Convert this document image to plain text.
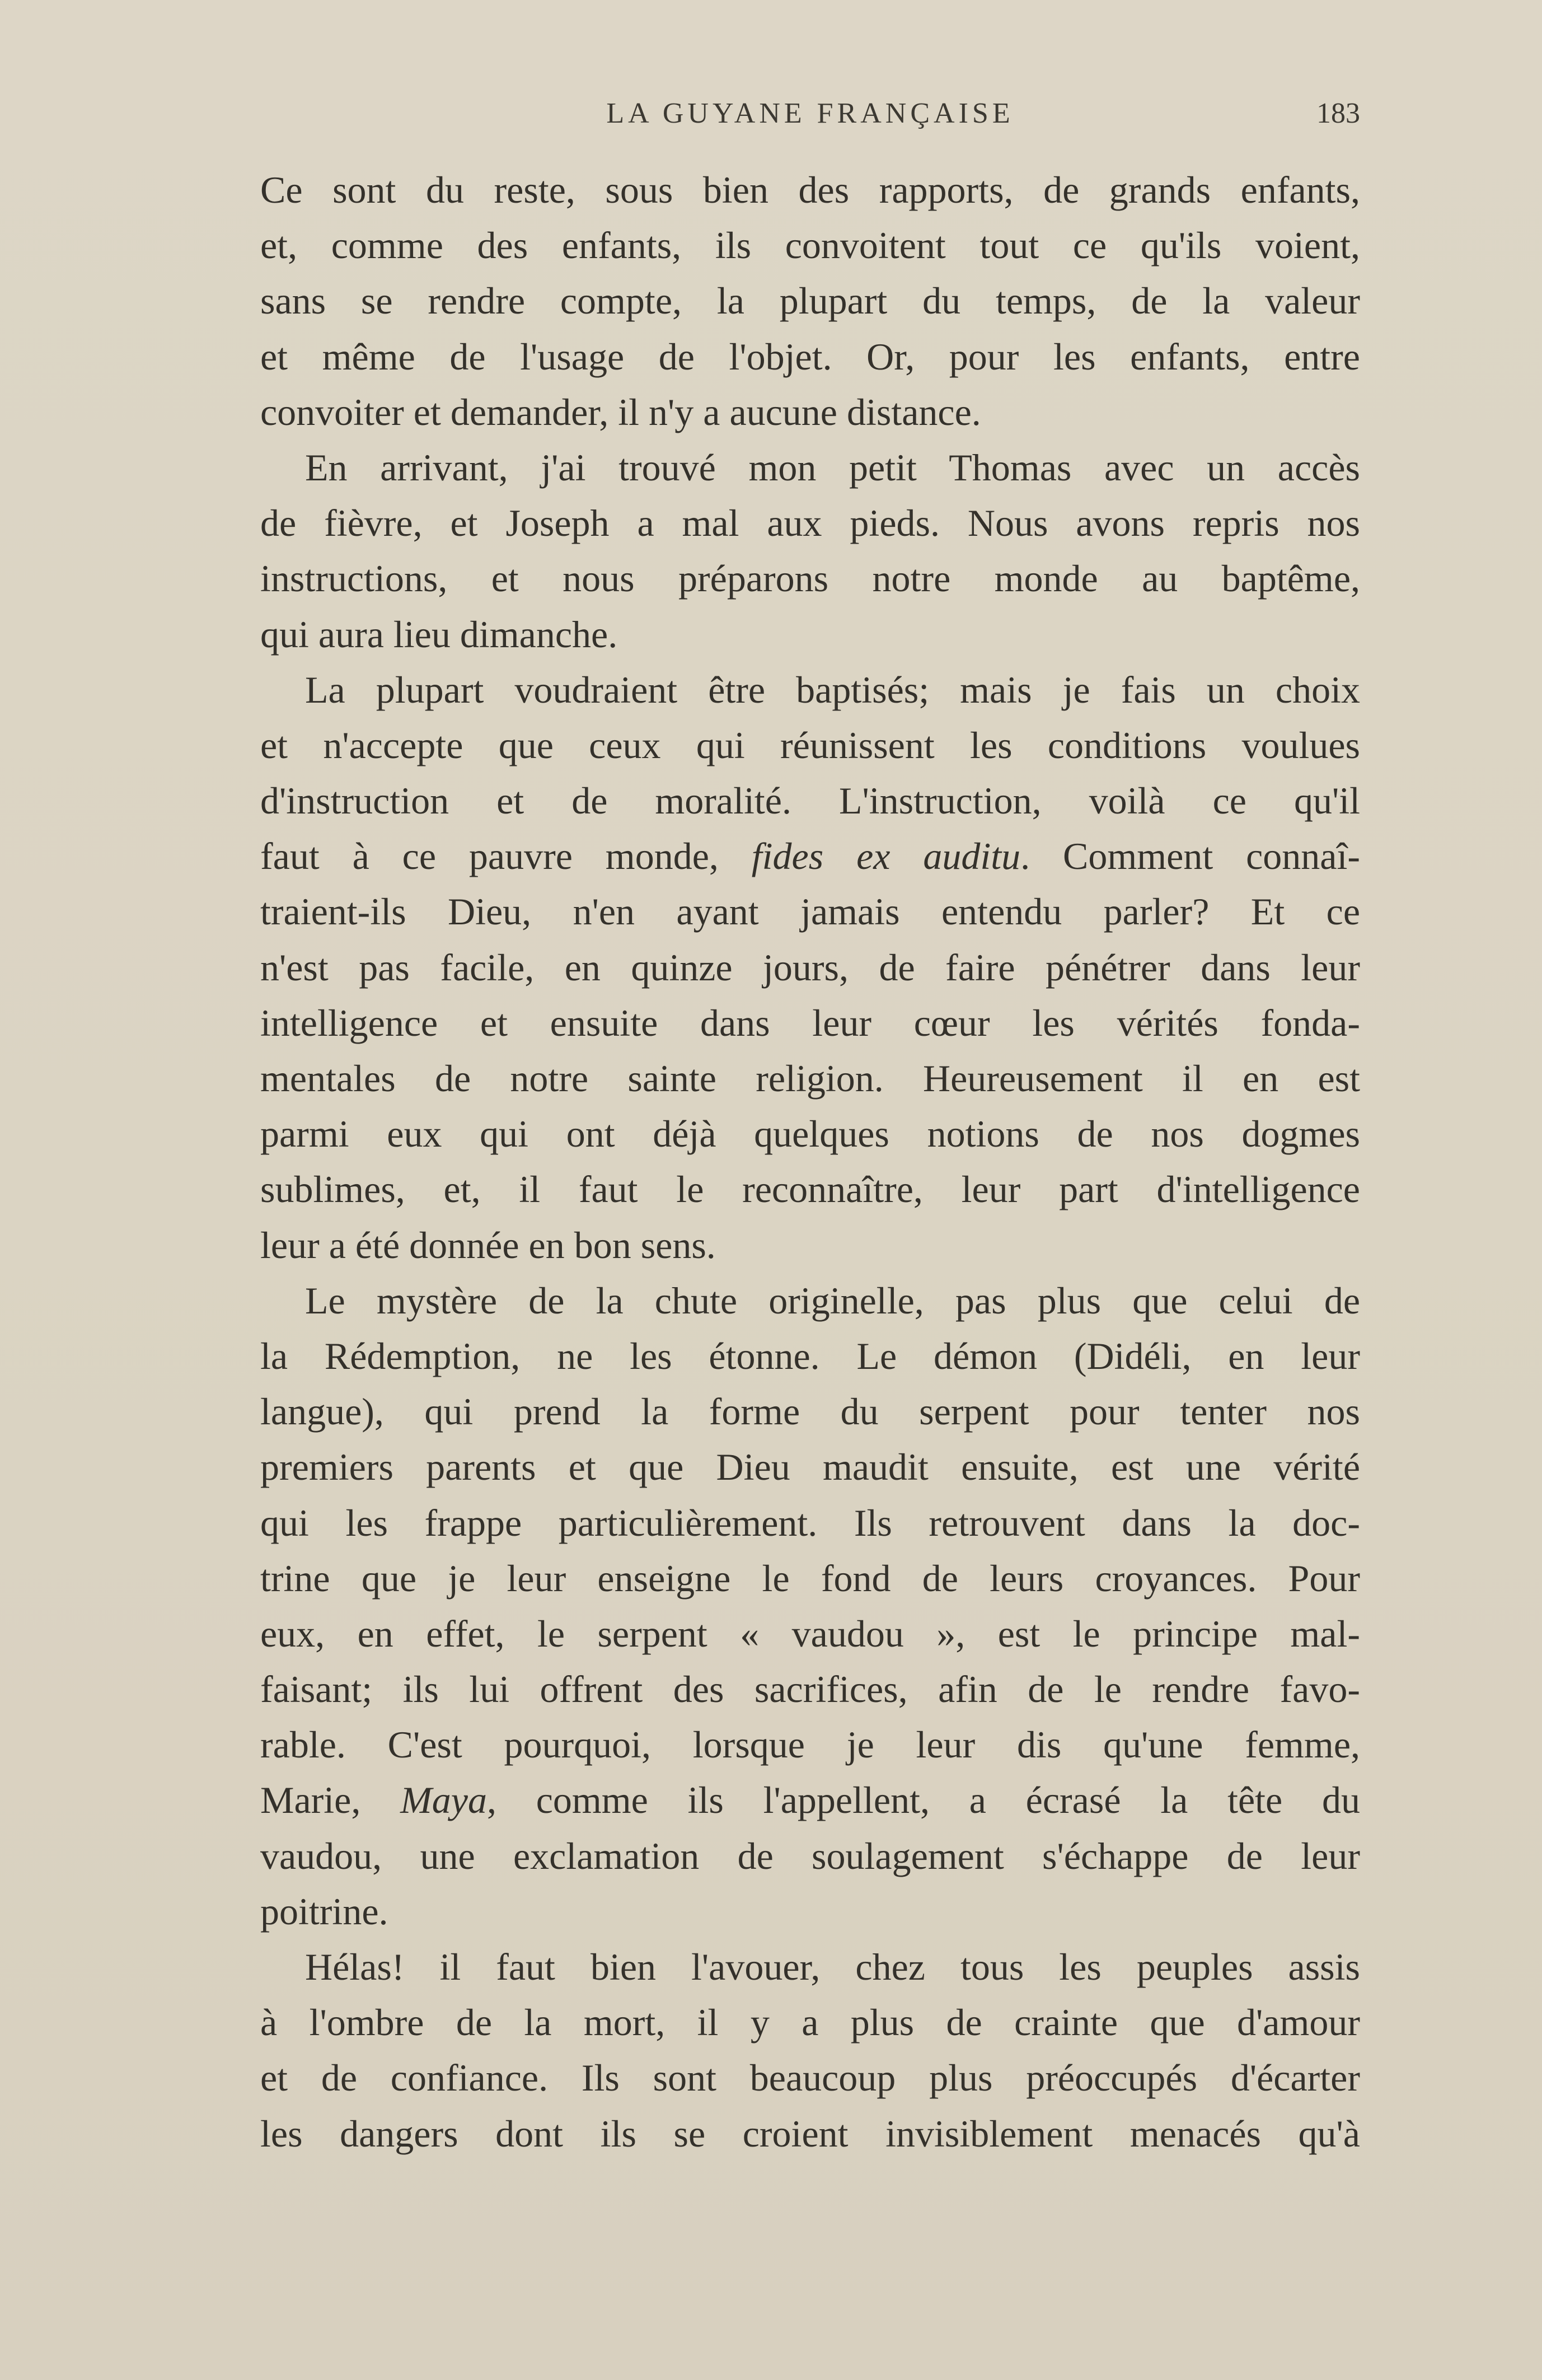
LA GUYANE FRANÇAISE	183
Ce sont du reste, sous bien des rapports, de grands enfants,
et, comme des enfants, ils convoitent tout ce qu'ils voient,
sans se rendre compte, la plupart du temps, de la valeur
et même de l'usage de l'objet. Or, pour les enfants, entre
convoiter et demander, il n'y a aucune distance.
En arrivant, j'ai trouvé mon petit Thomas avec un accès
de fièvre, et Joseph a mal aux pieds. Nous avons repris nos
instructions, et nous préparons notre monde au baptême,
qui aura lieu dimanche.
La plupart voudraient être baptisés; mais je fais un choix
et n'accepte que ceux qui réunissent les conditions voulues
d'instruction et de moralité. L'instruction, voilà ce qu'il
faut à ce pauvre monde, fides ex auditu. Comment connaî-
traient-ils Dieu, n'en ayant jamais entendu parler? Et ce
n'est pas facile, en quinze jours, de faire pénétrer dans leur
intelligence et ensuite dans leur cœur les vérités fonda-
mentales de notre sainte religion. Heureusement il en est
parmi eux qui ont déjà quelques notions de nos dogmes
sublimes, et, il faut le reconnaître, leur part d'intelligence
leur a été donnée en bon sens.
Le mystère de la chute originelle, pas plus que celui de
la Rédemption, ne les étonne. Le démon (Didéli, en leur
langue), qui prend la forme du serpent pour tenter nos
premiers parents et que Dieu maudit ensuite, est une vérité
qui les frappe particulièrement. Ils retrouvent dans la doc-
trine que je leur enseigne le fond de leurs croyances. Pour
eux, en effet, le serpent « vaudou », est le principe mal-
faisant; ils lui offrent des sacrifices, afin de le rendre favo-
rable. C'est pourquoi, lorsque je leur dis qu'une femme,
Marie, Maya, comme ils l'appellent, a écrasé la tête du
vaudou, une exclamation de soulagement s'échappe de leur
poitrine.
Hélas! il faut bien l'avouer, chez tous les peuples assis
à l'ombre de la mort, il y a plus de crainte que d'amour
et de confiance. Ils sont beaucoup plus préoccupés d'écarter
les dangers dont ils se croient invisiblement menacés qu'à
